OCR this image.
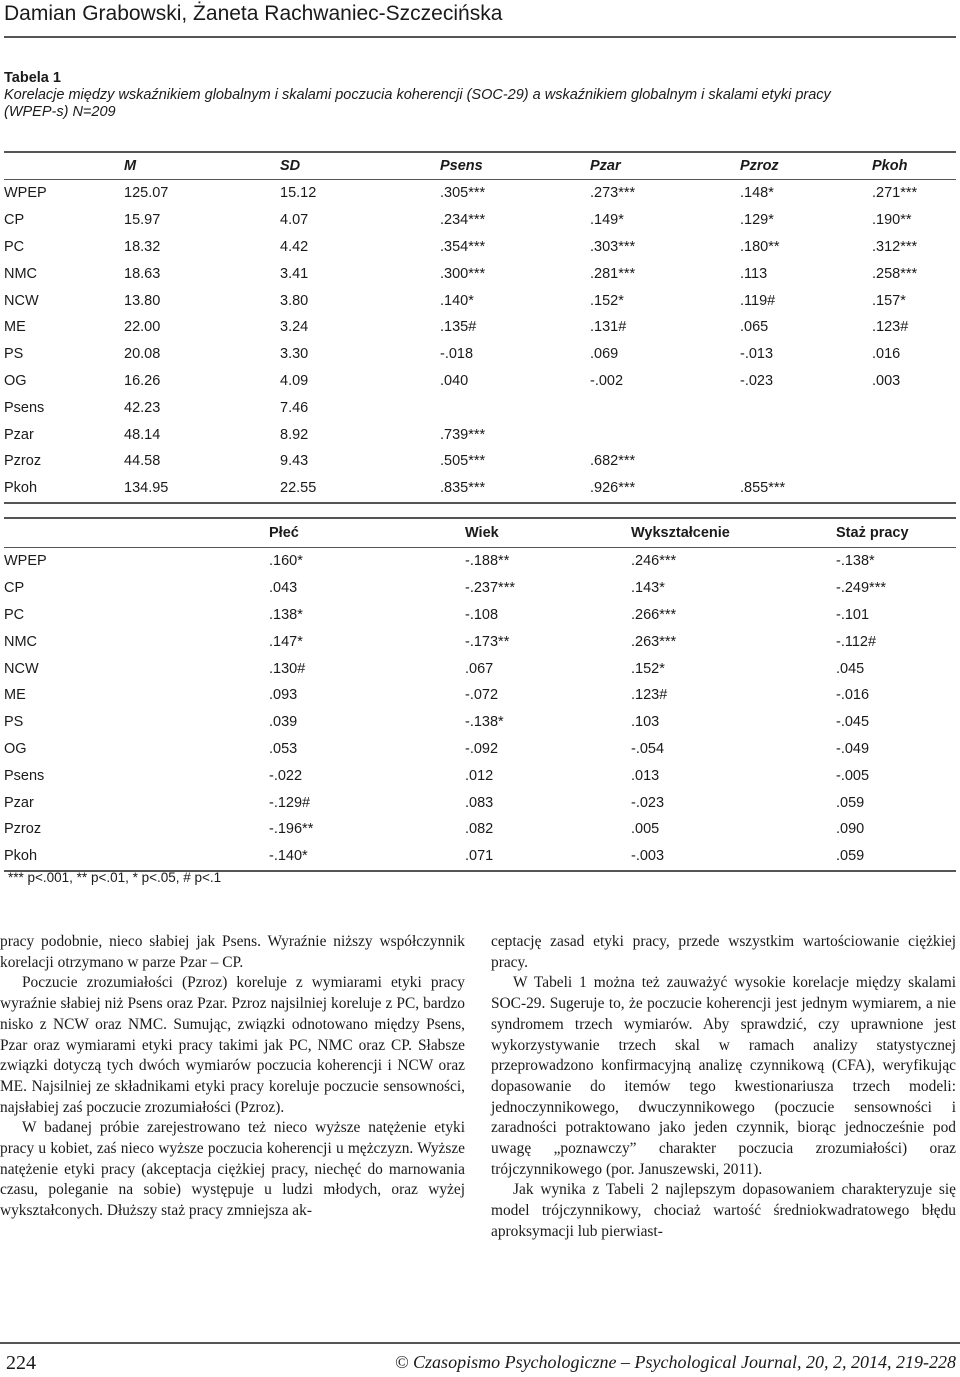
Damian Grabowski, Żaneta Rachwaniec-Szczecińska
Tabela 1
Korelacje między wskaźnikiem globalnym i skalami poczucia koherencji (SOC-29) a wskaźnikiem globalnym i skalami etyki pracy
(WPEP-s) N=209
	M	SD	Psens	Pzar	Pzroz	Pkoh
WPEP	125.07	15.12	.305***	.273***	.148*	.271***
CP	15.97	4.07	.234***	.149*	.129*	.190**
PC	18.32	4.42	.354***	.303***	.180**	.312***
NMC	18.63	3.41	.300***	.281***	.113	.258***
NCW	13.80	3.80	.140*	.152*	.119#	.157*
ME	22.00	3.24	.135#	.131#	.065	.123#
PS	20.08	3.30	-.018	.069	-.013	.016
OG	16.26	4.09	.040	-.002	-.023	.003
Psens	42.23	7.46				
Pzar	48.14	8.92	.739***			
Pzroz	44.58	9.43	.505***	.682***		
Pkoh	134.95	22.55	.835***	.926***	.855***	
	Płeć	Wiek	Wykształcenie	Staż pracy
WPEP	.160*	-.188**	.246***	-.138*
CP	.043	-.237***	.143*	-.249***
PC	.138*	-.108	.266***	-.101
NMC	.147*	-.173**	.263***	-.112#
NCW	.130#	.067	.152*	.045
ME	.093	-.072	.123#	-.016
PS	.039	-.138*	.103	-.045
OG	.053	-.092	-.054	-.049
Psens	-.022	.012	.013	-.005
Pzar	-.129#	.083	-.023	.059
Pzroz	-.196**	.082	.005	.090
Pkoh	-.140*	.071	-.003	.059
*** p<.001, ** p<.01, * p<.05, # p<.1

pracy podobnie, nieco słabiej jak Psens. Wyraźnie niższy współczynnik korelacji otrzymano w parze Pzar – CP.

Poczucie zrozumiałości (Pzroz) koreluje z wymiarami etyki pracy wyraźnie słabiej niż Psens oraz Pzar. Pzroz najsilniej koreluje z PC, bardzo nisko z NCW oraz NMC. Sumując, związki odnotowano między Psens, Pzar oraz wymiarami etyki pracy takimi jak PC, NMC oraz CP. Słabsze związki dotyczą tych dwóch wymiarów poczucia koherencji i NCW oraz ME. Najsilniej ze składnikami etyki pracy koreluje poczucie sensowności, najsłabiej zaś poczucie zrozumiałości (Pzroz).

W badanej próbie zarejestrowano też nieco wyższe natężenie etyki pracy u kobiet, zaś nieco wyższe poczucia koherencji u mężczyzn. Wyższe natężenie etyki pracy (akceptacja ciężkiej pracy, niechęć do marnowania czasu, poleganie na sobie) występuje u ludzi młodych, oraz wyżej wykształconych. Dłuższy staż pracy zmniejsza ak-

ceptację zasad etyki pracy, przede wszystkim wartościowanie ciężkiej pracy.

W Tabeli 1 można też zauważyć wysokie korelacje między skalami SOC-29. Sugeruje to, że poczucie koherencji jest jednym wymiarem, a nie syndromem trzech wymiarów. Aby sprawdzić, czy uprawnione jest wykorzystywanie trzech skal w ramach analizy statystycznej przeprowadzono konfirmacyjną analizę czynnikową (CFA), weryfikując dopasowanie do itemów tego kwestionariusza trzech modeli: jednoczynnikowego, dwuczynnikowego (poczucie sensowności i zaradności potraktowano jako jeden czynnik, biorąc jednocześnie pod uwagę „poznawczy” charakter poczucia zrozumiałości) oraz trójczynnikowego (por. Januszewski, 2011).

Jak wynika z Tabeli 2 najlepszym dopasowaniem charakteryzuje się model trójczynnikowy, chociaż wartość średniokwadratowego błędu aproksymacji lub pierwiast-

224	© Czasopismo Psychologiczne – Psychological Journal, 20, 2, 2014, 219-228
